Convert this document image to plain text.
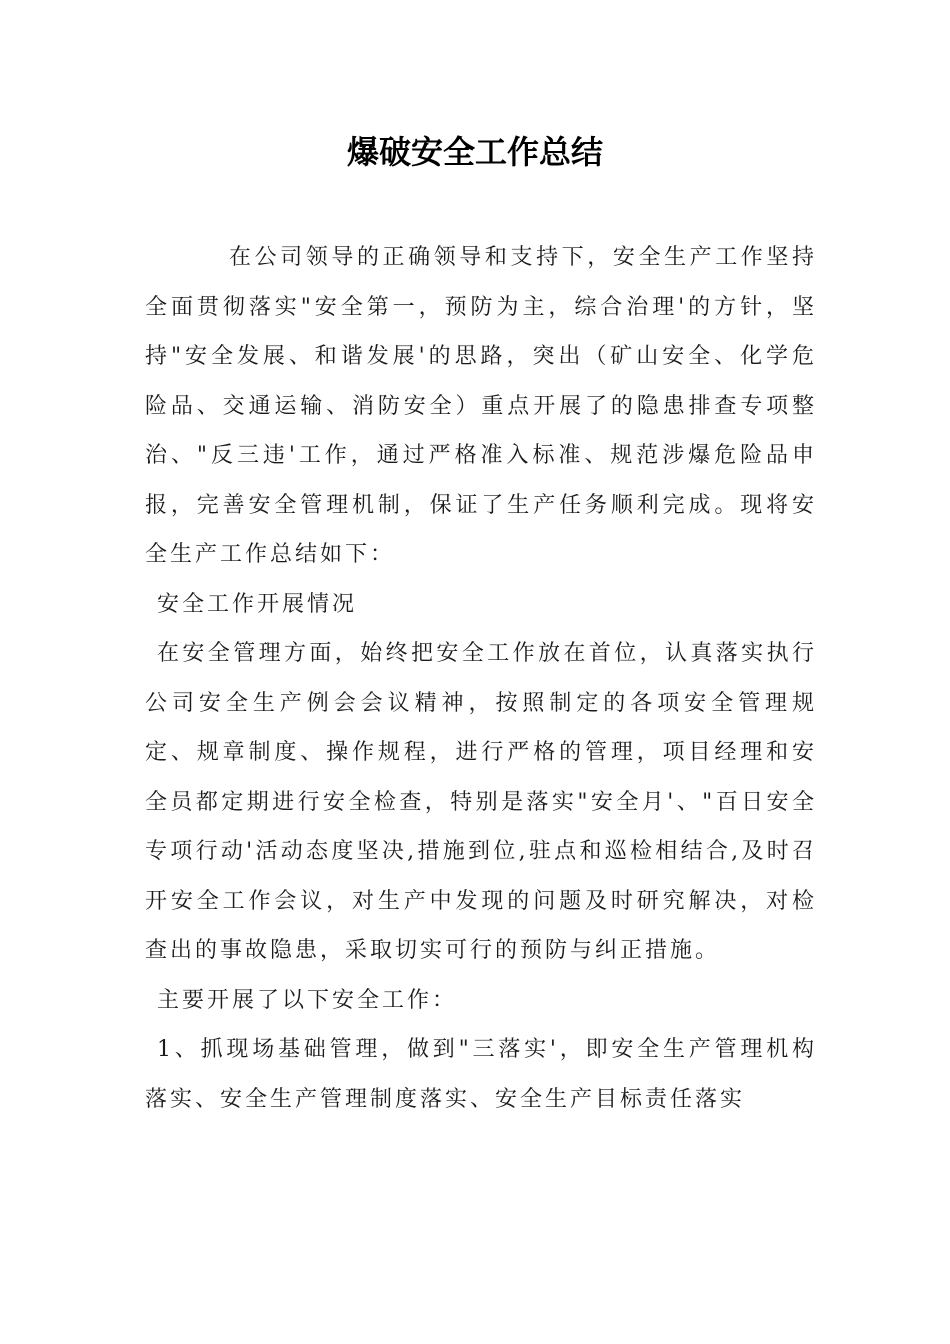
爆破安全工作总结

在公司领导的正确领导和支持下，安全生产工作坚持全面贯彻落实"安全第一，预防为主，综合治理'的方针，坚持"安全发展、和谐发展'的思路，突出（矿山安全、化学危险品、交通运输、消防安全）重点开展了的隐患排查专项整治、"反三违'工作，通过严格准入标准、规范涉爆危险品申报，完善安全管理机制，保证了生产任务顺利完成。现将安全生产工作总结如下：

安全工作开展情况

在安全管理方面，始终把安全工作放在首位，认真落实执行公司安全生产例会会议精神，按照制定的各项安全管理规定、规章制度、操作规程，进行严格的管理，项目经理和安全员都定期进行安全检查，特别是落实"安全月'、"百日安全专项行动'活动态度坚决,措施到位,驻点和巡检相结合,及时召开安全工作会议，对生产中发现的问题及时研究解决，对检查出的事故隐患，采取切实可行的预防与纠正措施。

主要开展了以下安全工作：

1、抓现场基础管理，做到"三落实'，即安全生产管理机构落实、安全生产管理制度落实、安全生产目标责任落实
